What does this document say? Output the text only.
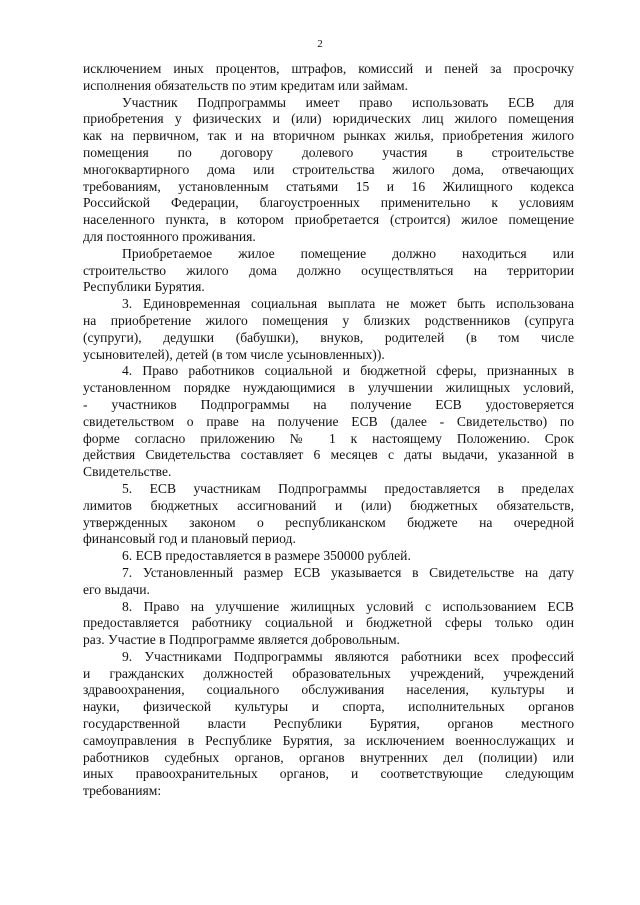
2
исключением иных процентов, штрафов, комиссий и пеней за просрочку
исполнения обязательств по этим кредитам или займам.
Участник Подпрограммы имеет право использовать ЕСВ для
приобретения у физических и (или) юридических лиц жилого помещения
как на первичном, так и на вторичном рынках жилья, приобретения жилого
помещения по договору долевого участия в строительстве
многоквартирного дома или строительства жилого дома, отвечающих
требованиям, установленным статьями 15 и 16 Жилищного кодекса
Российской Федерации, благоустроенных применительно к условиям
населенного пункта, в котором приобретается (строится) жилое помещение
для постоянного проживания.
Приобретаемое жилое помещение должно находиться или
строительство жилого дома должно осуществляться на территории
Республики Бурятия.
3. Единовременная социальная выплата не может быть использована
на приобретение жилого помещения у близких родственников (супруга
(супруги), дедушки (бабушки), внуков, родителей (в том числе
усыновителей), детей (в том числе усыновленных)).
4. Право работников социальной и бюджетной сферы, признанных в
установленном порядке нуждающимися в улучшении жилищных условий,
- участников Подпрограммы на получение ЕСВ удостоверяется
свидетельством о праве на получение ЕСВ (далее - Свидетельство) по
форме согласно приложению № 1 к настоящему Положению. Срок
действия Свидетельства составляет 6 месяцев с даты выдачи, указанной в
Свидетельстве.
5. ЕСВ участникам Подпрограммы предоставляется в пределах
лимитов бюджетных ассигнований и (или) бюджетных обязательств,
утвержденных законом о республиканском бюджете на очередной
финансовый год и плановый период.
6. ЕСВ предоставляется в размере 350000 рублей.
7. Установленный размер ЕСВ указывается в Свидетельстве на дату
его выдачи.
8. Право на улучшение жилищных условий с использованием ЕСВ
предоставляется работнику социальной и бюджетной сферы только один
раз. Участие в Подпрограмме является добровольным.
9. Участниками Подпрограммы являются работники всех профессий
и гражданских должностей образовательных учреждений, учреждений
здравоохранения, социального обслуживания населения, культуры и
науки, физической культуры и спорта, исполнительных органов
государственной власти Республики Бурятия, органов местного
самоуправления в Республике Бурятия, за исключением военнослужащих и
работников судебных органов, органов внутренних дел (полиции) или
иных правоохранительных органов, и соответствующие следующим
требованиям:
